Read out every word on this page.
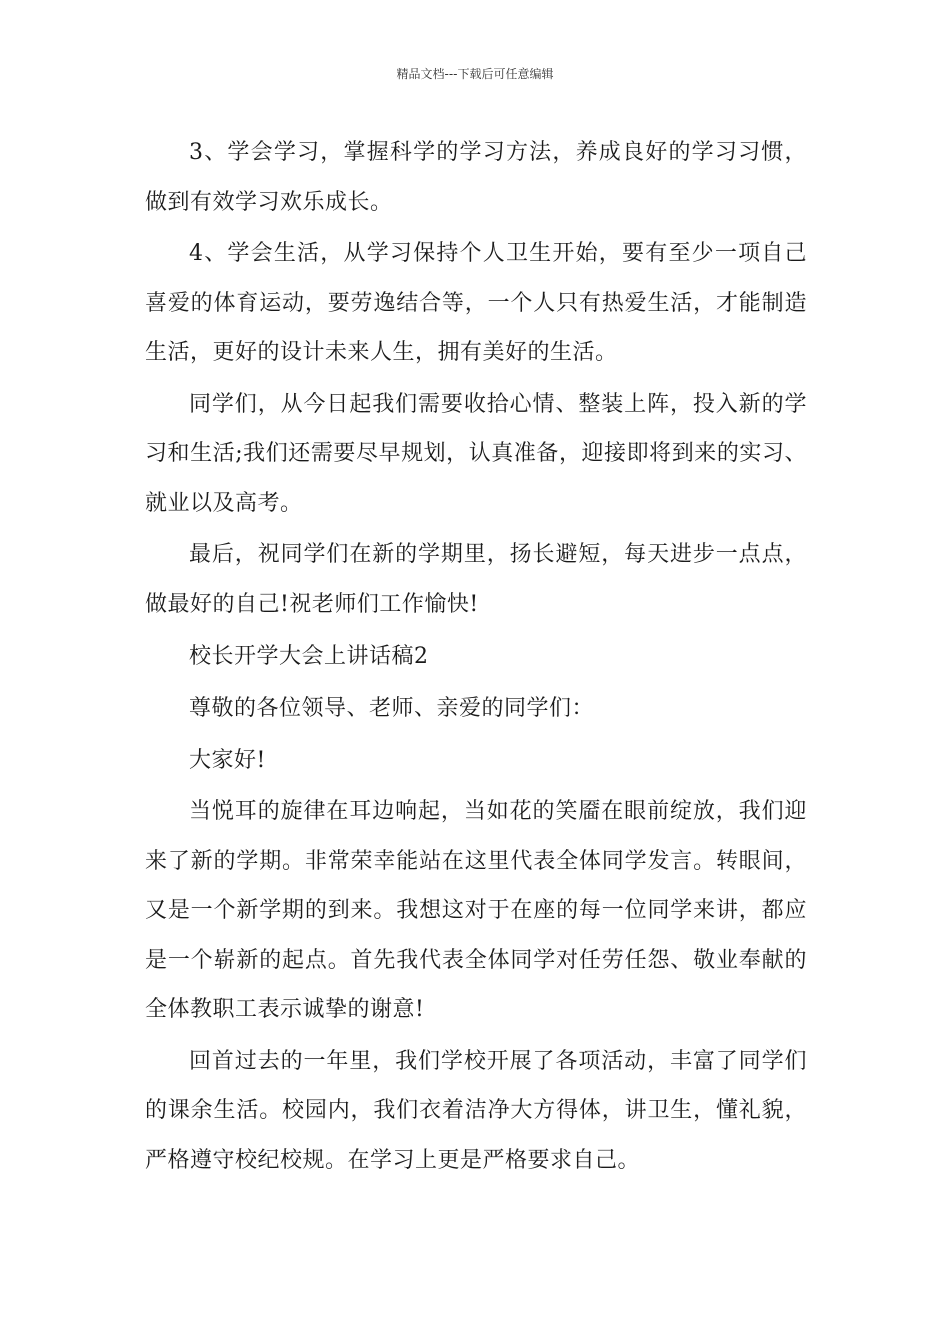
精品文档---下载后可任意编辑

3、学会学习，掌握科学的学习方法，养成良好的学习习惯，做到有效学习欢乐成长。

4、学会生活，从学习保持个人卫生开始，要有至少一项自己喜爱的体育运动，要劳逸结合等，一个人只有热爱生活，才能制造生活，更好的设计未来人生，拥有美好的生活。

同学们，从今日起我们需要收拾心情、整装上阵，投入新的学习和生活;我们还需要尽早规划，认真准备，迎接即将到来的实习、就业以及高考。

最后，祝同学们在新的学期里，扬长避短，每天进步一点点，做最好的自己!祝老师们工作愉快!

校长开学大会上讲话稿2

尊敬的各位领导、老师、亲爱的同学们：

大家好!

当悦耳的旋律在耳边响起，当如花的笑靥在眼前绽放，我们迎来了新的学期。非常荣幸能站在这里代表全体同学发言。转眼间，又是一个新学期的到来。我想这对于在座的每一位同学来讲，都应是一个崭新的起点。首先我代表全体同学对任劳任怨、敬业奉献的全体教职工表示诚挚的谢意!

回首过去的一年里，我们学校开展了各项活动，丰富了同学们的课余生活。校园内，我们衣着洁净大方得体，讲卫生，懂礼貌，严格遵守校纪校规。在学习上更是严格要求自己。
